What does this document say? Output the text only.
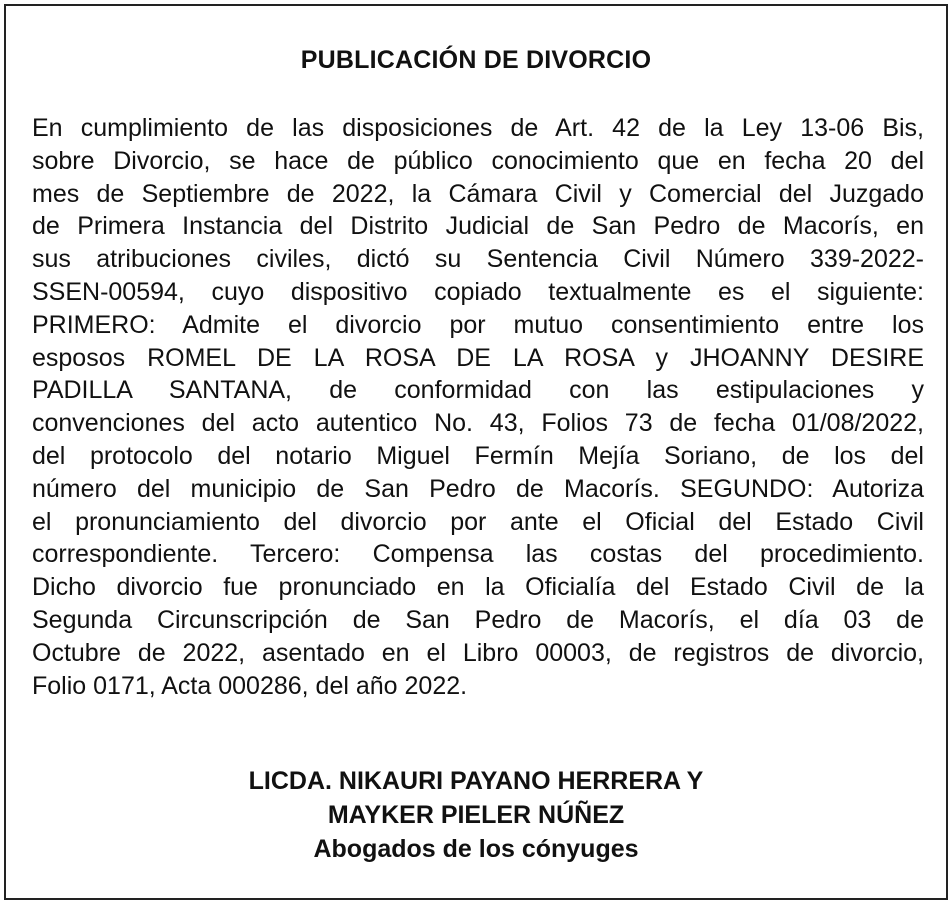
PUBLICACIÓN DE DIVORCIO
En cumplimiento de las disposiciones de Art. 42 de la Ley 13-06 Bis,
sobre Divorcio, se hace de público conocimiento que en fecha 20 del
mes de Septiembre de 2022, la Cámara Civil y Comercial del Juzgado
de Primera Instancia del Distrito Judicial de San Pedro de Macorís, en
sus atribuciones civiles, dictó su Sentencia Civil Número 339-2022-
SSEN-00594, cuyo dispositivo copiado textualmente es el siguiente:
PRIMERO: Admite el divorcio por mutuo consentimiento entre los
esposos ROMEL DE LA ROSA DE LA ROSA y JHOANNY DESIRE
PADILLA SANTANA, de conformidad con las estipulaciones y
convenciones del acto autentico No. 43, Folios 73 de fecha 01/08/2022,
del protocolo del notario Miguel Fermín Mejía Soriano, de los del
número del municipio de San Pedro de Macorís. SEGUNDO: Autoriza
el pronunciamiento del divorcio por ante el Oficial del Estado Civil
correspondiente. Tercero: Compensa las costas del procedimiento.
Dicho divorcio fue pronunciado en la Oficialía del Estado Civil de la
Segunda Circunscripción de San Pedro de Macorís, el día 03 de
Octubre de 2022, asentado en el Libro 00003, de registros de divorcio,
Folio 0171, Acta 000286, del año 2022.
LICDA. NIKAURI PAYANO HERRERA Y
MAYKER PIELER NÚÑEZ
Abogados de los cónyuges
